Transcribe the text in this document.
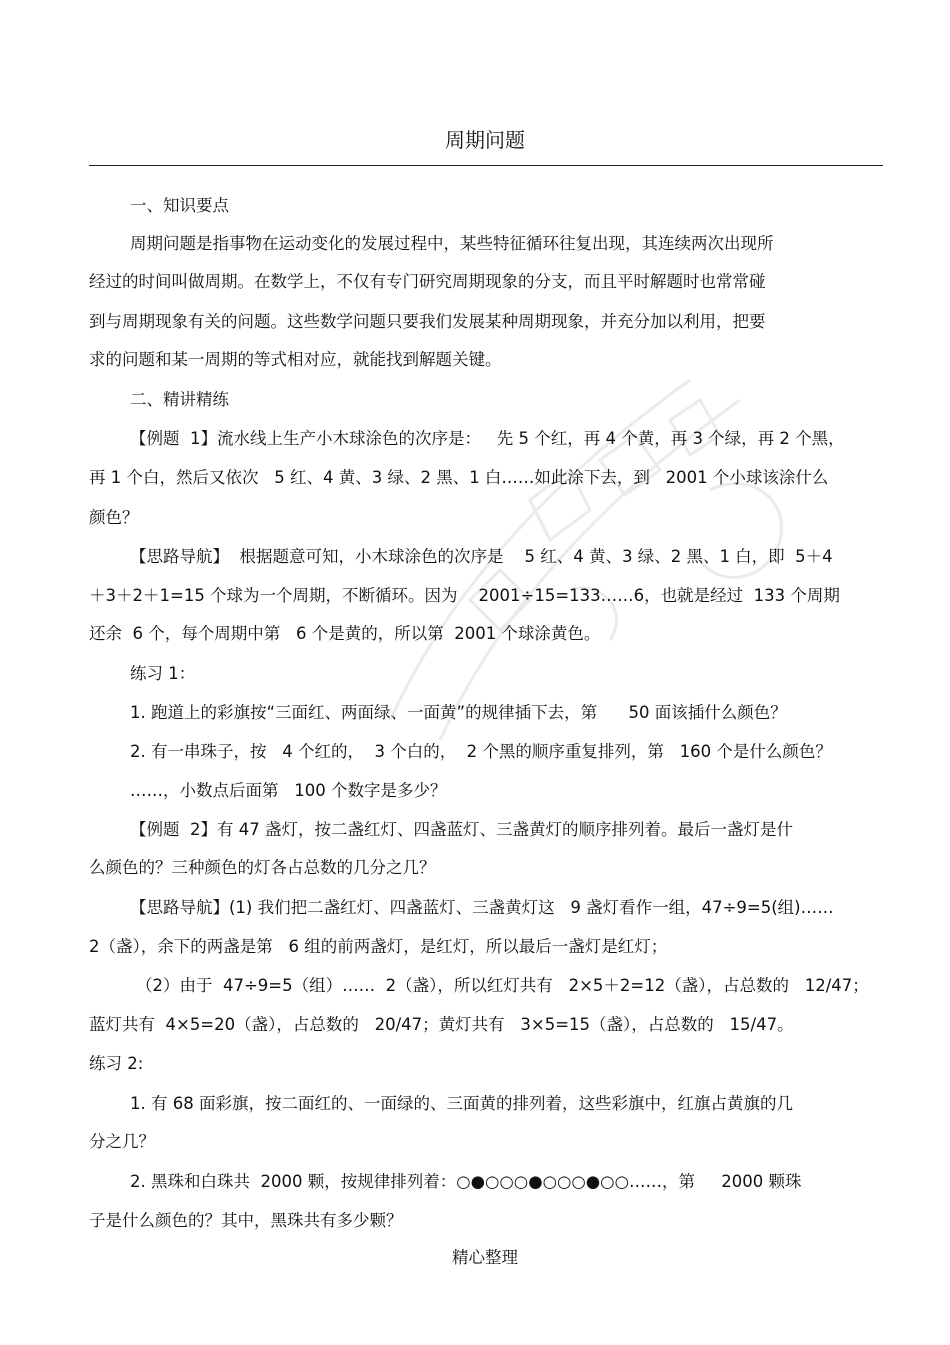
周期问题
一、知识要点
周期问题是指事物在运动变化的发展过程中，某些特征循环往复出现，其连续两次出现所
经过的时间叫做周期。在数学上，不仅有专门研究周期现象的分支，而且平时解题时也常常碰
到与周期现象有关的问题。这些数学问题只要我们发展某种周期现象，并充分加以利用，把要
求的问题和某一周期的等式相对应，就能找到解题关键。
二、精讲精练
【例题  1】流水线上生产小木球涂色的次序是：   先 5 个红，再 4 个黄，再 3 个绿，再 2 个黑，
再 1 个白，然后又依次   5 红、4 黄、3 绿、2 黑、1 白……如此涂下去，到   2001 个小球该涂什么
颜色？
【思路导航】  根据题意可知，小木球涂色的次序是    5 红、4 黄、3 绿、2 黑、1 白，即  5＋4
＋3＋2＋1=15 个球为一个周期，不断循环。因为    2001÷15=133……6，也就是经过  133 个周期
还余  6 个，每个周期中第   6 个是黄的，所以第  2001 个球涂黄色。
练习 1：
1. 跑道上的彩旗按“三面红、两面绿、一面黄”的规律插下去，第      50 面该插什么颜色？
2. 有一串珠子，按   4 个红的，  3 个白的，  2 个黑的顺序重复排列，第   160 个是什么颜色？
……，小数点后面第   100 个数字是多少？
【例题  2】有 47 盏灯，按二盏红灯、四盏蓝灯、三盏黄灯的顺序排列着。最后一盏灯是什
么颜色的？三种颜色的灯各占总数的几分之几？
【思路导航】(1) 我们把二盏红灯、四盏蓝灯、三盏黄灯这   9 盏灯看作一组，47÷9=5(组)……
2（盏），余下的两盏是第   6 组的前两盏灯，是红灯，所以最后一盏灯是红灯；
（2）由于  47÷9=5（组）……  2（盏），所以红灯共有   2×5＋2=12（盏），占总数的   12/47；
蓝灯共有  4×5=20（盏），占总数的   20/47；黄灯共有   3×5=15（盏），占总数的   15/47。
练习 2:
1. 有 68 面彩旗，按二面红的、一面绿的、三面黄的排列着，这些彩旗中，红旗占黄旗的几
分之几？
2. 黑珠和白珠共  2000 颗，按规律排列着：○●○○○●○○○●○○……，第     2000 颗珠
子是什么颜色的？其中，黑珠共有多少颗？
精心整理
